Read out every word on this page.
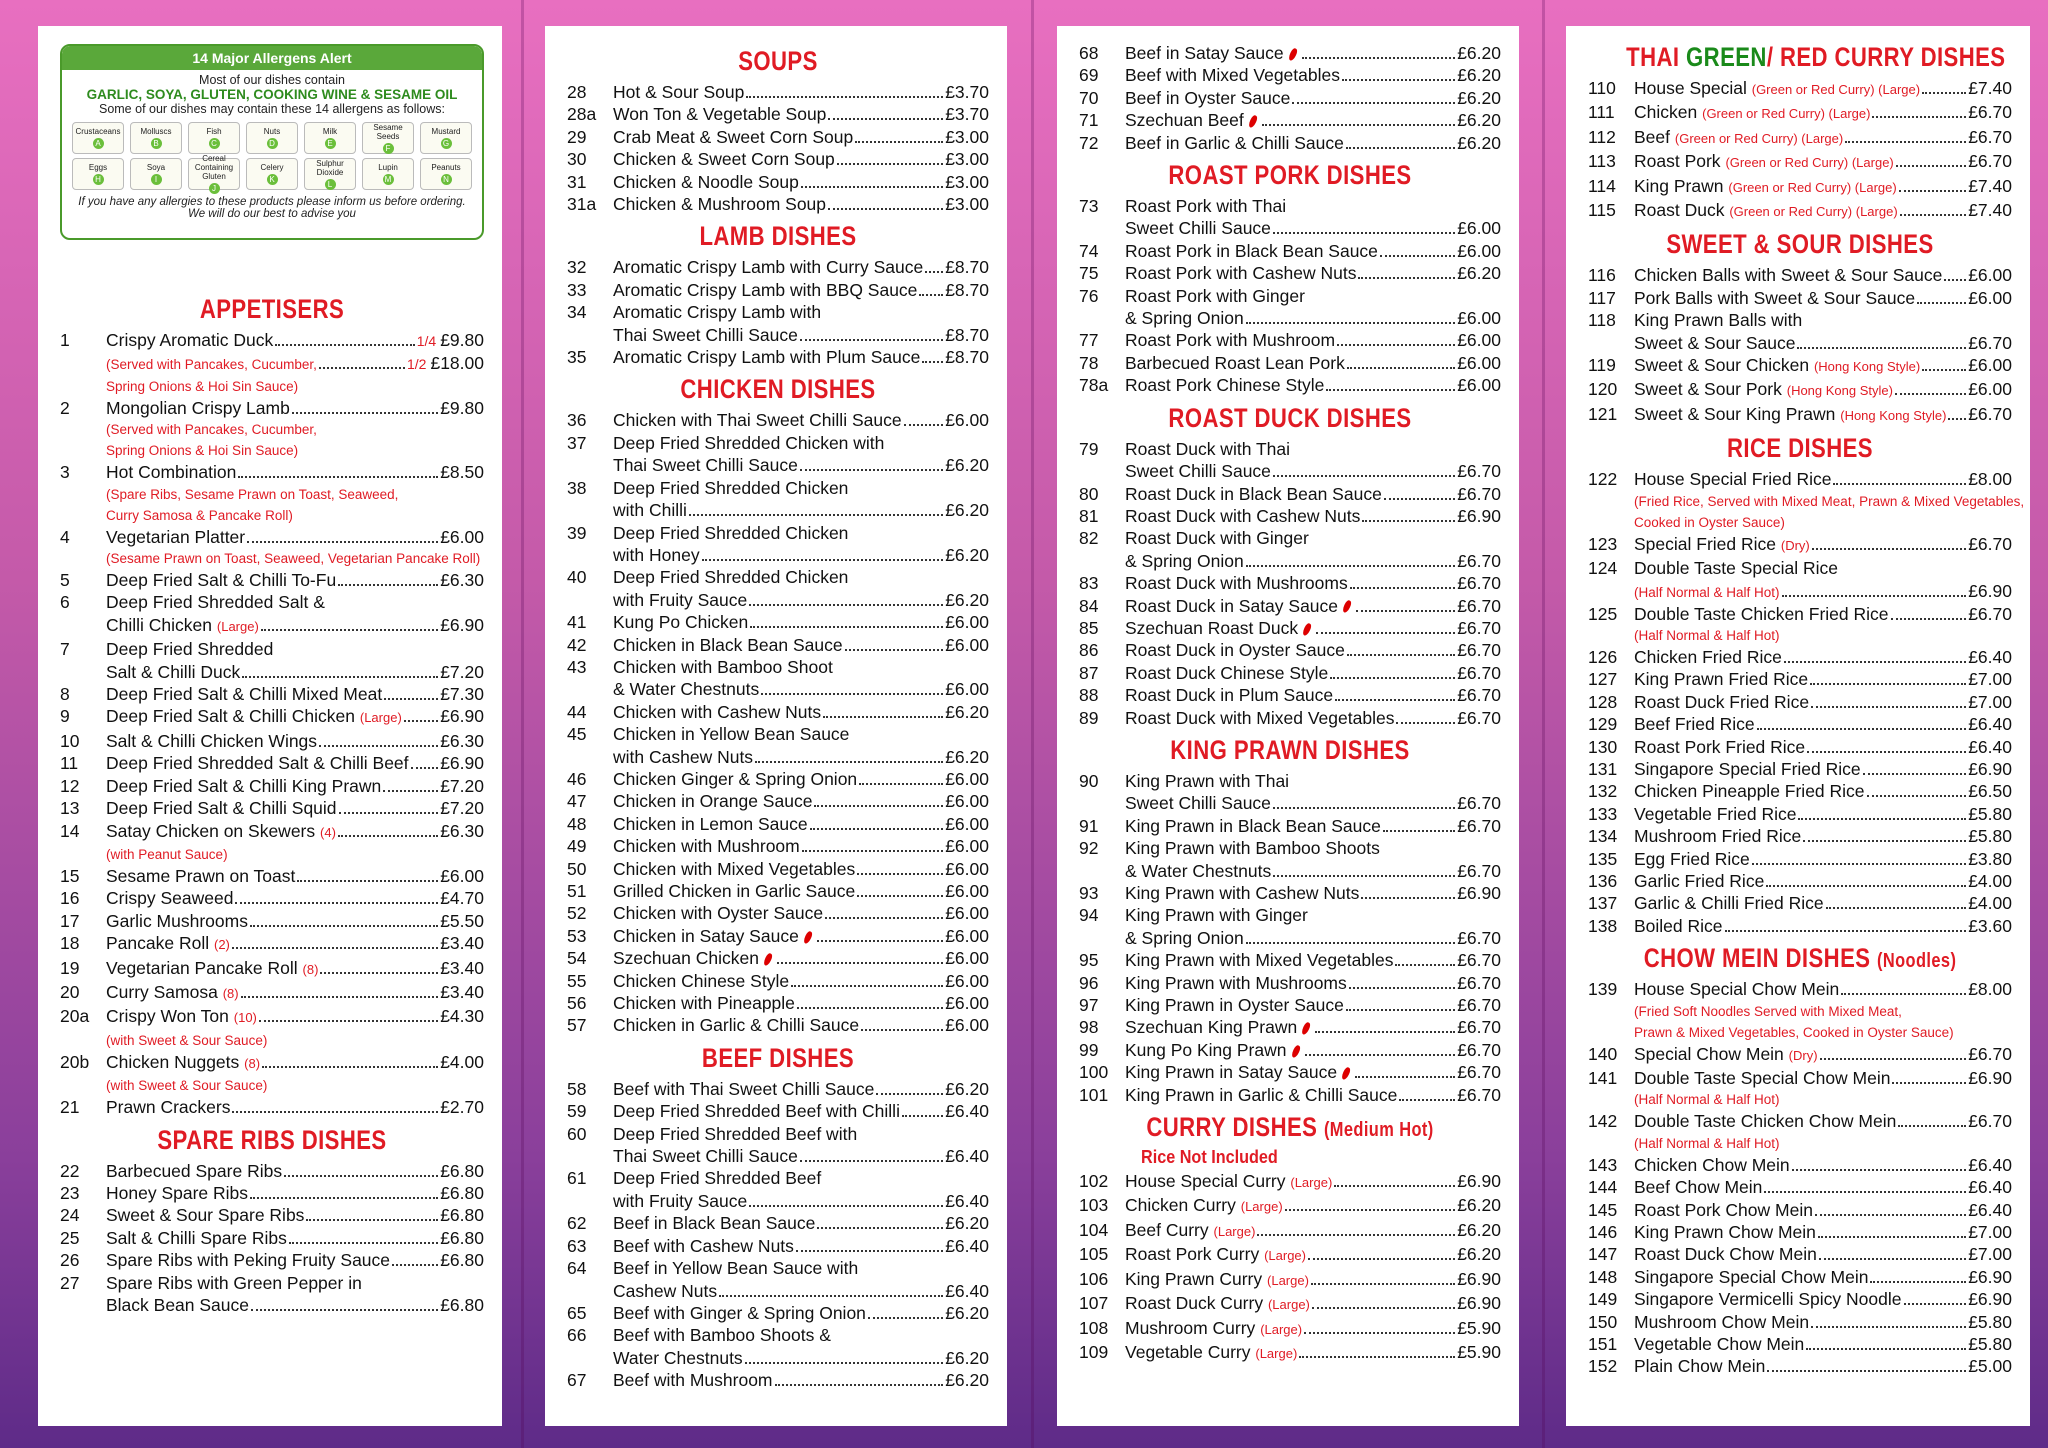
14 Major Allergens Alert
Most of our dishes contain
GARLIC, SOYA, GLUTEN, COOKING WINE & SESAME OIL
Some of our dishes may contain these 14 allergens as follows:
Crustaceans
A
Molluscs
B
Fish
C
Nuts
D
Milk
E
Sesame Seeds
F
Mustard
G
Eggs
H
Soya
I
Cereal Containing Gluten
J
Celery
K
Sulphur Dioxide
L
Lupin
M
Peanuts
N
If you have any allergies to these products please inform us before ordering.
We will do our best to advise you
APPETISERS
1	Crispy Aromatic Duck	1/4 £9.80
(Served with Pancakes, Cucumber,	1/2 £18.00
Spring Onions & Hoi Sin Sauce)
2	Mongolian Crispy Lamb	£9.80
(Served with Pancakes, Cucumber,
Spring Onions & Hoi Sin Sauce)
3	Hot Combination	£8.50
(Spare Ribs, Sesame Prawn on Toast, Seaweed,
Curry Samosa & Pancake Roll)
4	Vegetarian Platter	£6.00
(Sesame Prawn on Toast, Seaweed, Vegetarian Pancake Roll)
5	Deep Fried Salt & Chilli To-Fu	£6.30
6	Deep Fried Shredded Salt &
Chilli Chicken (Large)	£6.90
7	Deep Fried Shredded
Salt & Chilli Duck	£7.20
8	Deep Fried Salt & Chilli Mixed Meat	£7.30
9	Deep Fried Salt & Chilli Chicken (Large) £6.90
10	Salt & Chilli Chicken Wings	£6.30
11	Deep Fried Shredded Salt & Chilli Beef £6.90
12	Deep Fried Salt & Chilli King Prawn	£7.20
13	Deep Fried Salt & Chilli Squid	£7.20
14	Satay Chicken on Skewers (4)	£6.30
(with Peanut Sauce)
15	Sesame Prawn on Toast	£6.00
16	Crispy Seaweed	£4.70
17	Garlic Mushrooms	£5.50
18	Pancake Roll (2)	£3.40
19	Vegetarian Pancake Roll (8)	£3.40
20	Curry Samosa (8)	£3.40
20a Crispy Won Ton (10)	£4.30
(with Sweet & Sour Sauce)
20b Chicken Nuggets (8)	£4.00
(with Sweet & Sour Sauce)
21	Prawn Crackers	£2.70
SPARE RIBS DISHES
22	Barbecued Spare Ribs	£6.80
23	Honey Spare Ribs	£6.80
24	Sweet & Sour Spare Ribs	£6.80
25	Salt & Chilli Spare Ribs	£6.80
26	Spare Ribs with Peking Fruity Sauce	£6.80
27	Spare Ribs with Green Pepper in
Black Bean Sauce	£6.80
SOUPS
28	Hot & Sour Soup	£3.70
28a Won Ton & Vegetable Soup	£3.70
29	Crab Meat & Sweet Corn Soup	£3.00
30	Chicken & Sweet Corn Soup	£3.00
31	Chicken & Noodle Soup	£3.00
31a Chicken & Mushroom Soup	£3.00
LAMB DISHES
32	Aromatic Crispy Lamb with Curry Sauce £8.70
33	Aromatic Crispy Lamb with BBQ Sauce £8.70
34	Aromatic Crispy Lamb with
Thai Sweet Chilli Sauce	£8.70
35	Aromatic Crispy Lamb with Plum Sauce £8.70
CHICKEN DISHES
36	Chicken with Thai Sweet Chilli Sauce £6.00
37	Deep Fried Shredded Chicken with
Thai Sweet Chilli Sauce	£6.20
38	Deep Fried Shredded Chicken
with Chilli	£6.20
39	Deep Fried Shredded Chicken
with Honey	£6.20
40	Deep Fried Shredded Chicken
with Fruity Sauce	£6.20
41	Kung Po Chicken	£6.00
42	Chicken in Black Bean Sauce	£6.00
43	Chicken with Bamboo Shoot
& Water Chestnuts	£6.00
44	Chicken with Cashew Nuts	£6.20
45	Chicken in Yellow Bean Sauce
with Cashew Nuts	£6.20
46	Chicken Ginger & Spring Onion	£6.00
47	Chicken in Orange Sauce	£6.00
48	Chicken in Lemon Sauce	£6.00
49	Chicken with Mushroom	£6.00
50	Chicken with Mixed Vegetables	£6.00
51	Grilled Chicken in Garlic Sauce	£6.00
52	Chicken with Oyster Sauce	£6.00
53	Chicken in Satay Sauce	£6.00
54	Szechuan Chicken	£6.00
55	Chicken Chinese Style	£6.00
56	Chicken with Pineapple	£6.00
57	Chicken in Garlic & Chilli Sauce	£6.00
BEEF DISHES
58	Beef with Thai Sweet Chilli Sauce	£6.20
59	Deep Fried Shredded Beef with Chilli	£6.40
60	Deep Fried Shredded Beef with
Thai Sweet Chilli Sauce	£6.40
61	Deep Fried Shredded Beef
with Fruity Sauce	£6.40
62	Beef in Black Bean Sauce	£6.20
63	Beef with Cashew Nuts	£6.40
64	Beef in Yellow Bean Sauce with
Cashew Nuts	£6.40
65	Beef with Ginger & Spring Onion	£6.20
66	Beef with Bamboo Shoots &
Water Chestnuts	£6.20
67	Beef with Mushroom	£6.20
68	Beef in Satay Sauce	£6.20
69	Beef with Mixed Vegetables	£6.20
70	Beef in Oyster Sauce	£6.20
71	Szechuan Beef	£6.20
72	Beef in Garlic & Chilli Sauce	£6.20
ROAST PORK DISHES
73	Roast Pork with Thai
Sweet Chilli Sauce	£6.00
74	Roast Pork in Black Bean Sauce	£6.00
75	Roast Pork with Cashew Nuts	£6.20
76	Roast Pork with Ginger
& Spring Onion	£6.00
77	Roast Pork with Mushroom	£6.00
78	Barbecued Roast Lean Pork	£6.00
78a Roast Pork Chinese Style	£6.00
ROAST DUCK DISHES
79	Roast Duck with Thai
Sweet Chilli Sauce	£6.70
80	Roast Duck in Black Bean Sauce	£6.70
81	Roast Duck with Cashew Nuts	£6.90
82	Roast Duck with Ginger
& Spring Onion	£6.70
83	Roast Duck with Mushrooms	£6.70
84	Roast Duck in Satay Sauce	£6.70
85	Szechuan Roast Duck	£6.70
86	Roast Duck in Oyster Sauce	£6.70
87	Roast Duck Chinese Style	£6.70
88	Roast Duck in Plum Sauce	£6.70
89	Roast Duck with Mixed Vegetables	£6.70
KING PRAWN DISHES
90	King Prawn with Thai
Sweet Chilli Sauce	£6.70
91	King Prawn in Black Bean Sauce	£6.70
92	King Prawn with Bamboo Shoots
& Water Chestnuts	£6.70
93	King Prawn with Cashew Nuts	£6.90
94	King Prawn with Ginger
& Spring Onion	£6.70
95	King Prawn with Mixed Vegetables	£6.70
96	King Prawn with Mushrooms	£6.70
97	King Prawn in Oyster Sauce	£6.70
98	Szechuan King Prawn	£6.70
99	Kung Po King Prawn	£6.70
100 King Prawn in Satay Sauce	£6.70
101 King Prawn in Garlic & Chilli Sauce	£6.70
CURRY DISHES (Medium Hot)
Rice Not Included
102 House Special Curry (Large)	£6.90
103 Chicken Curry (Large)	£6.20
104 Beef Curry (Large)	£6.20
105 Roast Pork Curry (Large)	£6.20
106 King Prawn Curry (Large)	£6.90
107 Roast Duck Curry (Large)	£6.90
108 Mushroom Curry (Large)	£5.90
109 Vegetable Curry (Large)	£5.90
THAI GREEN/ RED CURRY DISHES
110	House Special (Green or Red Curry) (Large)	£7.40
111	Chicken (Green or Red Curry) (Large)	£6.70
112	Beef (Green or Red Curry) (Large)	£6.70
113	Roast Pork (Green or Red Curry) (Large)	£6.70
114	King Prawn (Green or Red Curry) (Large)	£7.40
115	Roast Duck (Green or Red Curry) (Large)	£7.40
SWEET & SOUR DISHES
116	Chicken Balls with Sweet & Sour Sauce £6.00
117	Pork Balls with Sweet & Sour Sauce	£6.00
118	King Prawn Balls with
Sweet & Sour Sauce	£6.70
119	Sweet & Sour Chicken (Hong Kong Style)	£6.00
120 Sweet & Sour Pork (Hong Kong Style)	£6.00
121 Sweet & Sour King Prawn (Hong Kong Style) £6.70
RICE DISHES
122 House Special Fried Rice	£8.00
(Fried Rice, Served with Mixed Meat, Prawn & Mixed Vegetables,
Cooked in Oyster Sauce)
123 Special Fried Rice (Dry)	£6.70
124 Double Taste Special Rice
(Half Normal & Half Hot)	£6.90
125 Double Taste Chicken Fried Rice	£6.70
(Half Normal & Half Hot)
126 Chicken Fried Rice	£6.40
127 King Prawn Fried Rice	£7.00
128 Roast Duck Fried Rice	£7.00
129 Beef Fried Rice	£6.40
130 Roast Pork Fried Rice	£6.40
131 Singapore Special Fried Rice	£6.90
132 Chicken Pineapple Fried Rice	£6.50
133 Vegetable Fried Rice	£5.80
134 Mushroom Fried Rice	£5.80
135 Egg Fried Rice	£3.80
136 Garlic Fried Rice	£4.00
137 Garlic & Chilli Fried Rice	£4.00
138 Boiled Rice	£3.60
CHOW MEIN DISHES (Noodles)
139 House Special Chow Mein	£8.00
(Fried Soft Noodles Served with Mixed Meat,
Prawn & Mixed Vegetables, Cooked in Oyster Sauce)
140 Special Chow Mein (Dry)	£6.70
141 Double Taste Special Chow Mein	£6.90
(Half Normal & Half Hot)
142 Double Taste Chicken Chow Mein	£6.70
(Half Normal & Half Hot)
143 Chicken Chow Mein	£6.40
144 Beef Chow Mein	£6.40
145 Roast Pork Chow Mein	£6.40
146 King Prawn Chow Mein	£7.00
147 Roast Duck Chow Mein	£7.00
148 Singapore Special Chow Mein	£6.90
149 Singapore Vermicelli Spicy Noodle	£6.90
150 Mushroom Chow Mein	£5.80
151 Vegetable Chow Mein	£5.80
152 Plain Chow Mein	£5.00
